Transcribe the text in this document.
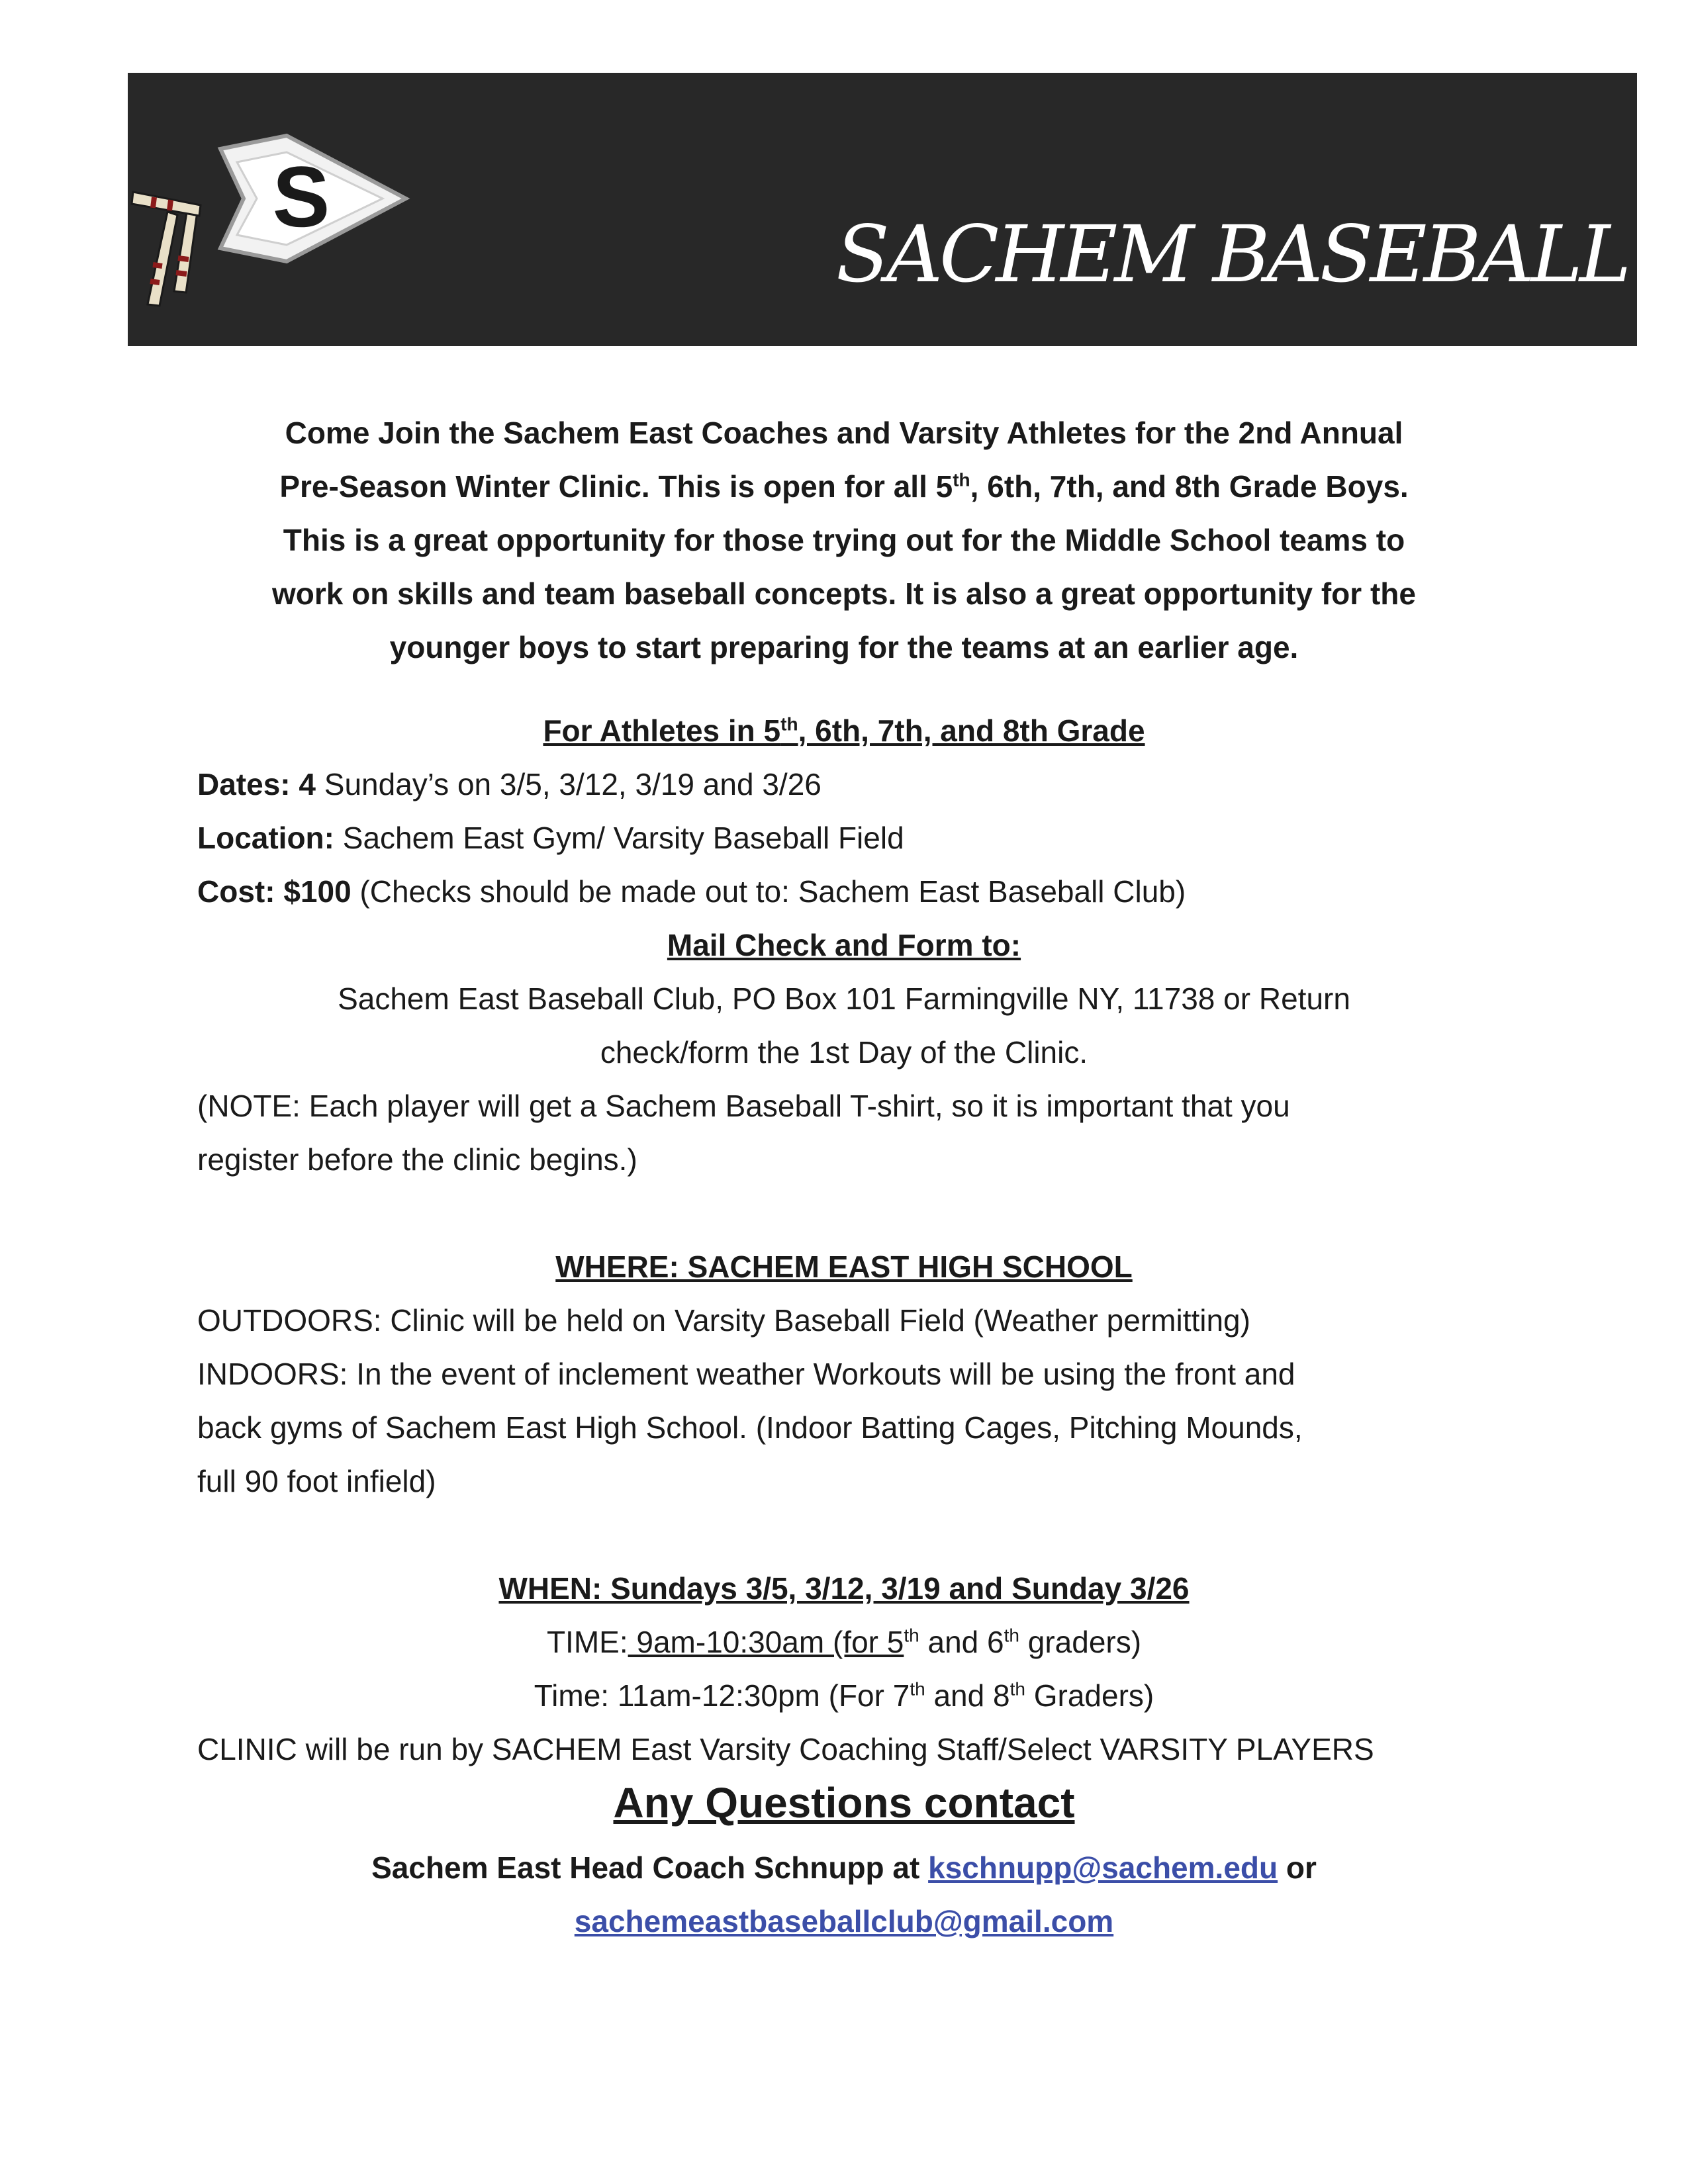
S
SACHEM BASEBALL
Come Join the Sachem East Coaches and Varsity Athletes for the 2nd Annual
Pre-Season Winter Clinic. This is open for all 5th, 6th, 7th, and 8th Grade Boys.
This is a great opportunity for those trying out for the Middle School teams to
work on skills and team baseball concepts. It is also a great opportunity for the
younger boys to start preparing for the teams at an earlier age.
For Athletes in 5th, 6th, 7th, and 8th Grade
Dates: 4 Sunday’s on 3/5, 3/12, 3/19 and 3/26
Location: Sachem East Gym/ Varsity Baseball Field
Cost: $100 (Checks should be made out to: Sachem East Baseball Club)
Mail Check and Form to:
Sachem East Baseball Club, PO Box 101 Farmingville NY, 11738 or Return
check/form the 1st Day of the Clinic.
(NOTE: Each player will get a Sachem Baseball T-shirt, so it is important that you
register before the clinic begins.)
WHERE: SACHEM EAST HIGH SCHOOL
OUTDOORS: Clinic will be held on Varsity Baseball Field (Weather permitting)
INDOORS: In the event of inclement weather Workouts will be using the front and
back gyms of Sachem East High School. (Indoor Batting Cages, Pitching Mounds,
full 90 foot infield)
WHEN: Sundays 3/5, 3/12, 3/19 and Sunday 3/26
TIME: 9am-10:30am (for 5th and 6th graders)
Time: 11am-12:30pm (For 7th and 8th Graders)
CLINIC will be run by SACHEM East Varsity Coaching Staff/Select VARSITY PLAYERS
Any Questions contact
Sachem East Head Coach Schnupp at kschnupp@sachem.edu or
sachemeastbaseballclub@gmail.com
